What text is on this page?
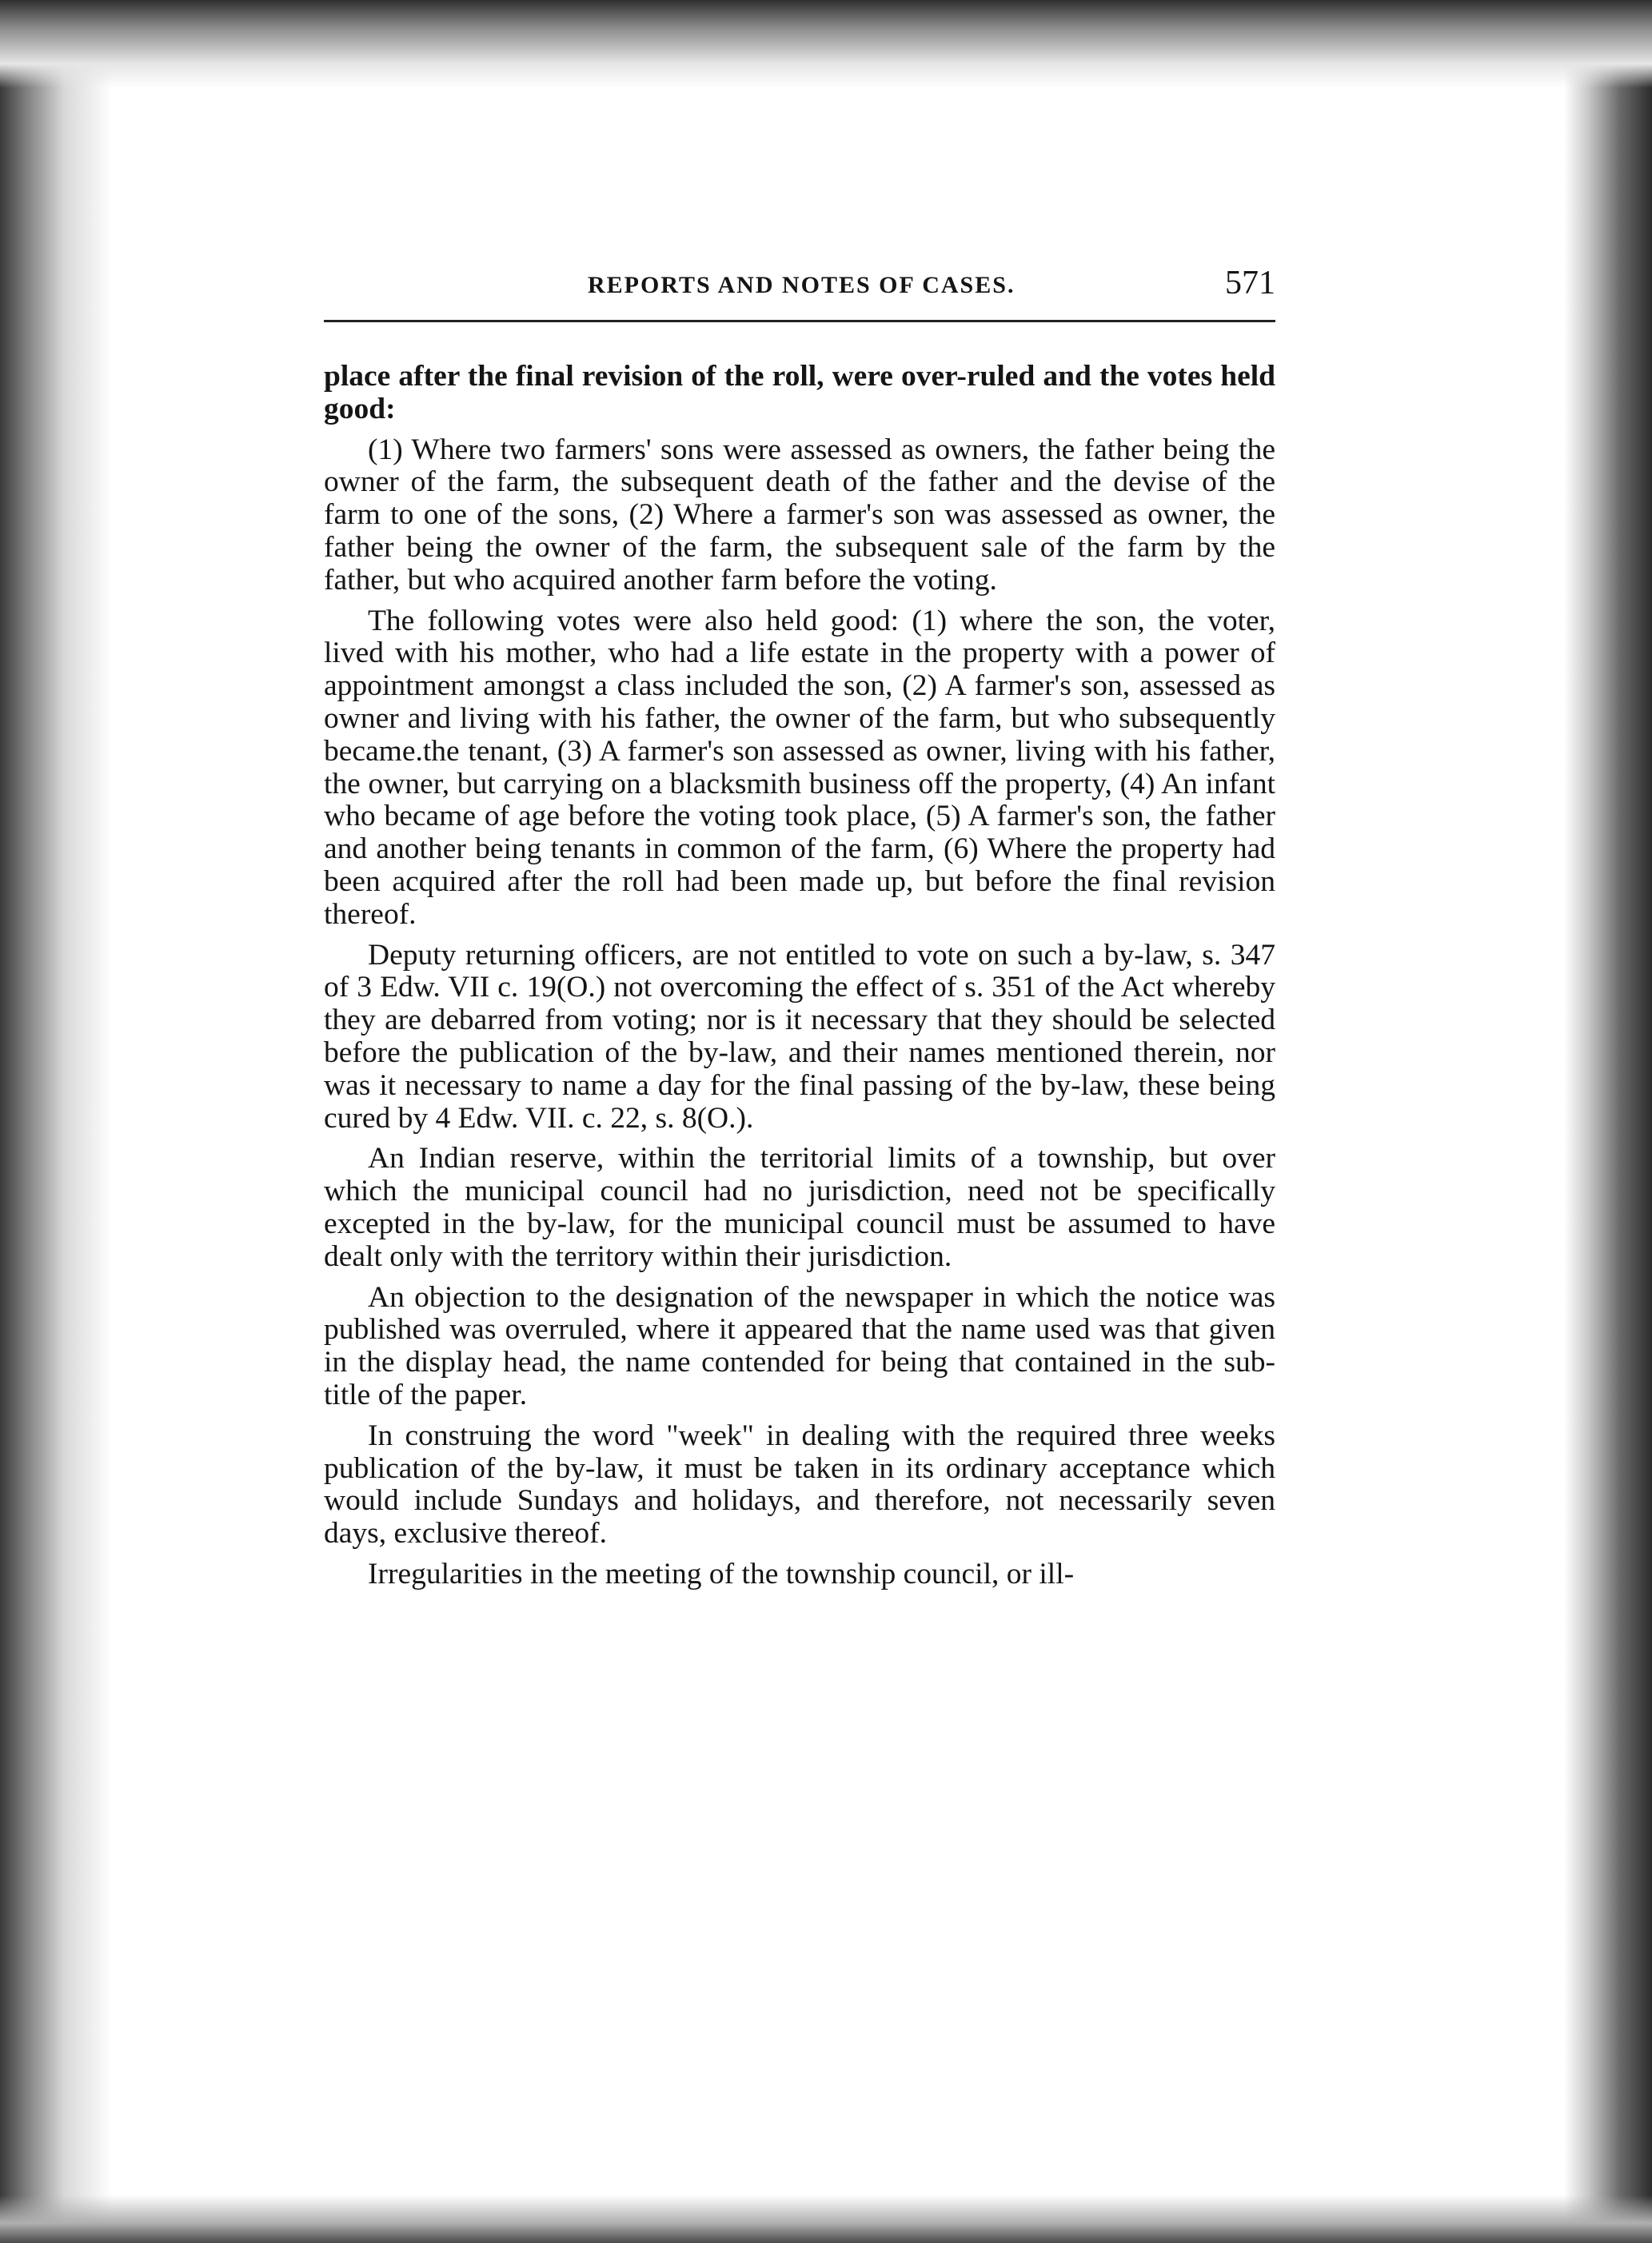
REPORTS AND NOTES OF CASES.	571

place after the final revision of the roll, were over-ruled and the votes held good:

(1) Where two farmers' sons were assessed as owners, the father being the owner of the farm, the subsequent death of the father and the devise of the farm to one of the sons, (2) Where a farmer's son was assessed as owner, the father being the owner of the farm, the subsequent sale of the farm by the father, but who acquired another farm before the voting.

The following votes were also held good: (1) where the son, the voter, lived with his mother, who had a life estate in the property with a power of appointment amongst a class included the son, (2) A farmer's son, assessed as owner and living with his father, the owner of the farm, but who subsequently became.the tenant, (3) A farmer's son assessed as owner, living with his father, the owner, but carrying on a blacksmith business off the property, (4) An infant who became of age before the voting took place, (5) A farmer's son, the father and another being tenants in common of the farm, (6) Where the property had been acquired after the roll had been made up, but before the final revision thereof.

Deputy returning officers, are not entitled to vote on such a by-law, s. 347 of 3 Edw. VII c. 19(O.) not overcoming the effect of s. 351 of the Act whereby they are debarred from voting; nor is it necessary that they should be selected before the publication of the by-law, and their names mentioned therein, nor was it necessary to name a day for the final passing of the by-law, these being cured by 4 Edw. VII. c. 22, s. 8(O.).

An Indian reserve, within the territorial limits of a township, but over which the municipal council had no jurisdiction, need not be specifically excepted in the by-law, for the municipal council must be assumed to have dealt only with the territory within their jurisdiction.

An objection to the designation of the newspaper in which the notice was published was overruled, where it appeared that the name used was that given in the display head, the name contended for being that contained in the sub-title of the paper.

In construing the word "week" in dealing with the required three weeks publication of the by-law, it must be taken in its ordinary acceptance which would include Sundays and holidays, and therefore, not necessarily seven days, exclusive thereof.

Irregularities in the meeting of the township council, or ill-
